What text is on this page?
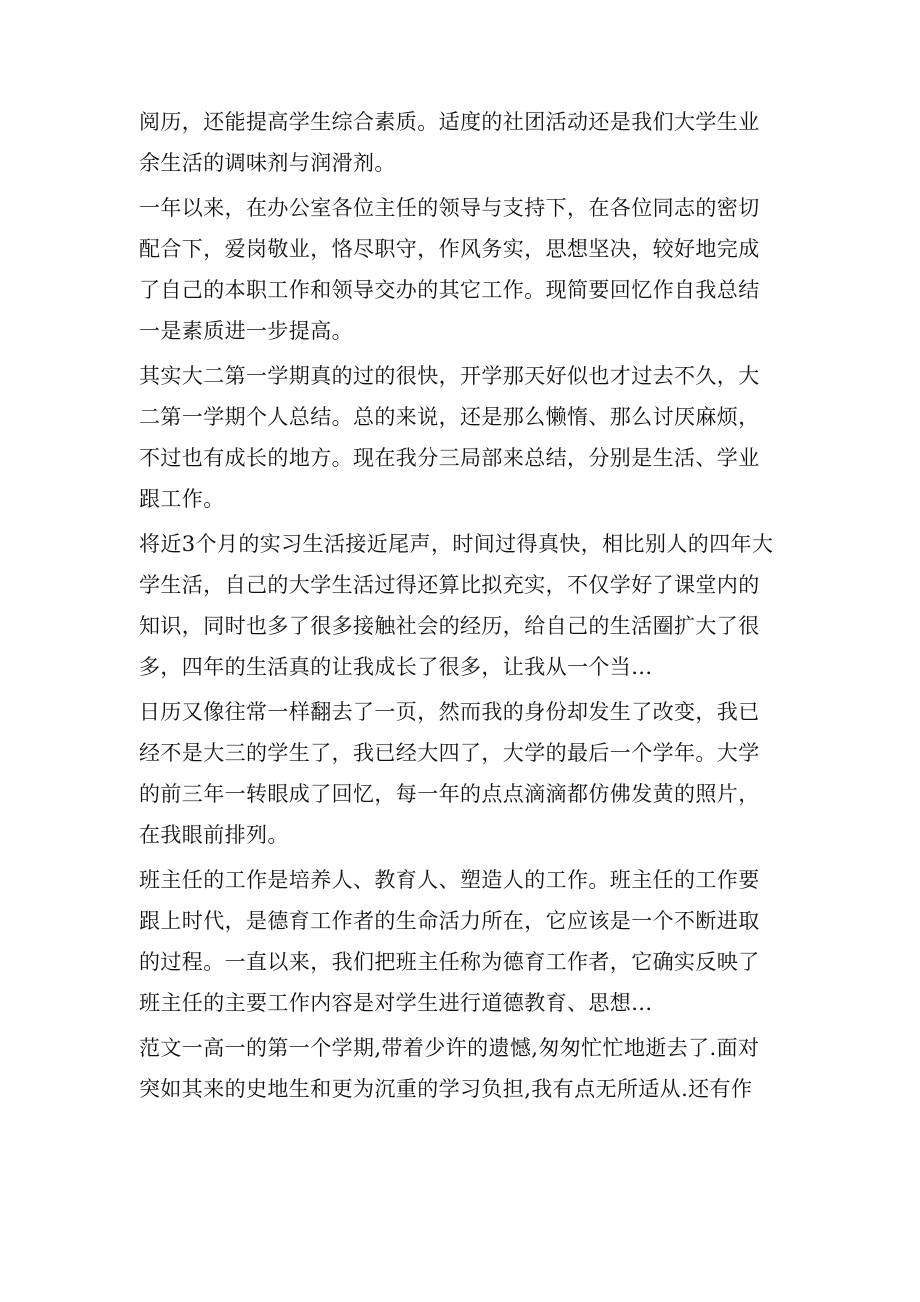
阅历，还能提高学生综合素质。适度的社团活动还是我们大学生业
余生活的调味剂与润滑剂。

一年以来，在办公室各位主任的领导与支持下，在各位同志的密切
配合下，爱岗敬业，恪尽职守，作风务实，思想坚决，较好地完成
了自己的本职工作和领导交办的其它工作。现简要回忆作自我总结
一是素质进一步提高。

其实大二第一学期真的过的很快，开学那天好似也才过去不久，大
二第一学期个人总结。总的来说，还是那么懒惰、那么讨厌麻烦，
不过也有成长的地方。现在我分三局部来总结，分别是生活、学业
跟工作。

将近3个月的实习生活接近尾声，时间过得真快，相比别人的四年大
学生活，自己的大学生活过得还算比拟充实，不仅学好了课堂内的
知识，同时也多了很多接触社会的经历，给自己的生活圈扩大了很
多，四年的生活真的让我成长了很多，让我从一个当...

日历又像往常一样翻去了一页，然而我的身份却发生了改变，我已
经不是大三的学生了，我已经大四了，大学的最后一个学年。大学
的前三年一转眼成了回忆，每一年的点点滴滴都仿佛发黄的照片，
在我眼前排列。

班主任的工作是培养人、教育人、塑造人的工作。班主任的工作要
跟上时代，是德育工作者的生命活力所在，它应该是一个不断进取
的过程。一直以来，我们把班主任称为德育工作者，它确实反映了
班主任的主要工作内容是对学生进行道德教育、思想...

范文一高一的第一个学期,带着少许的遗憾,匆匆忙忙地逝去了.面对
突如其来的史地生和更为沉重的学习负担,我有点无所适从.还有作
